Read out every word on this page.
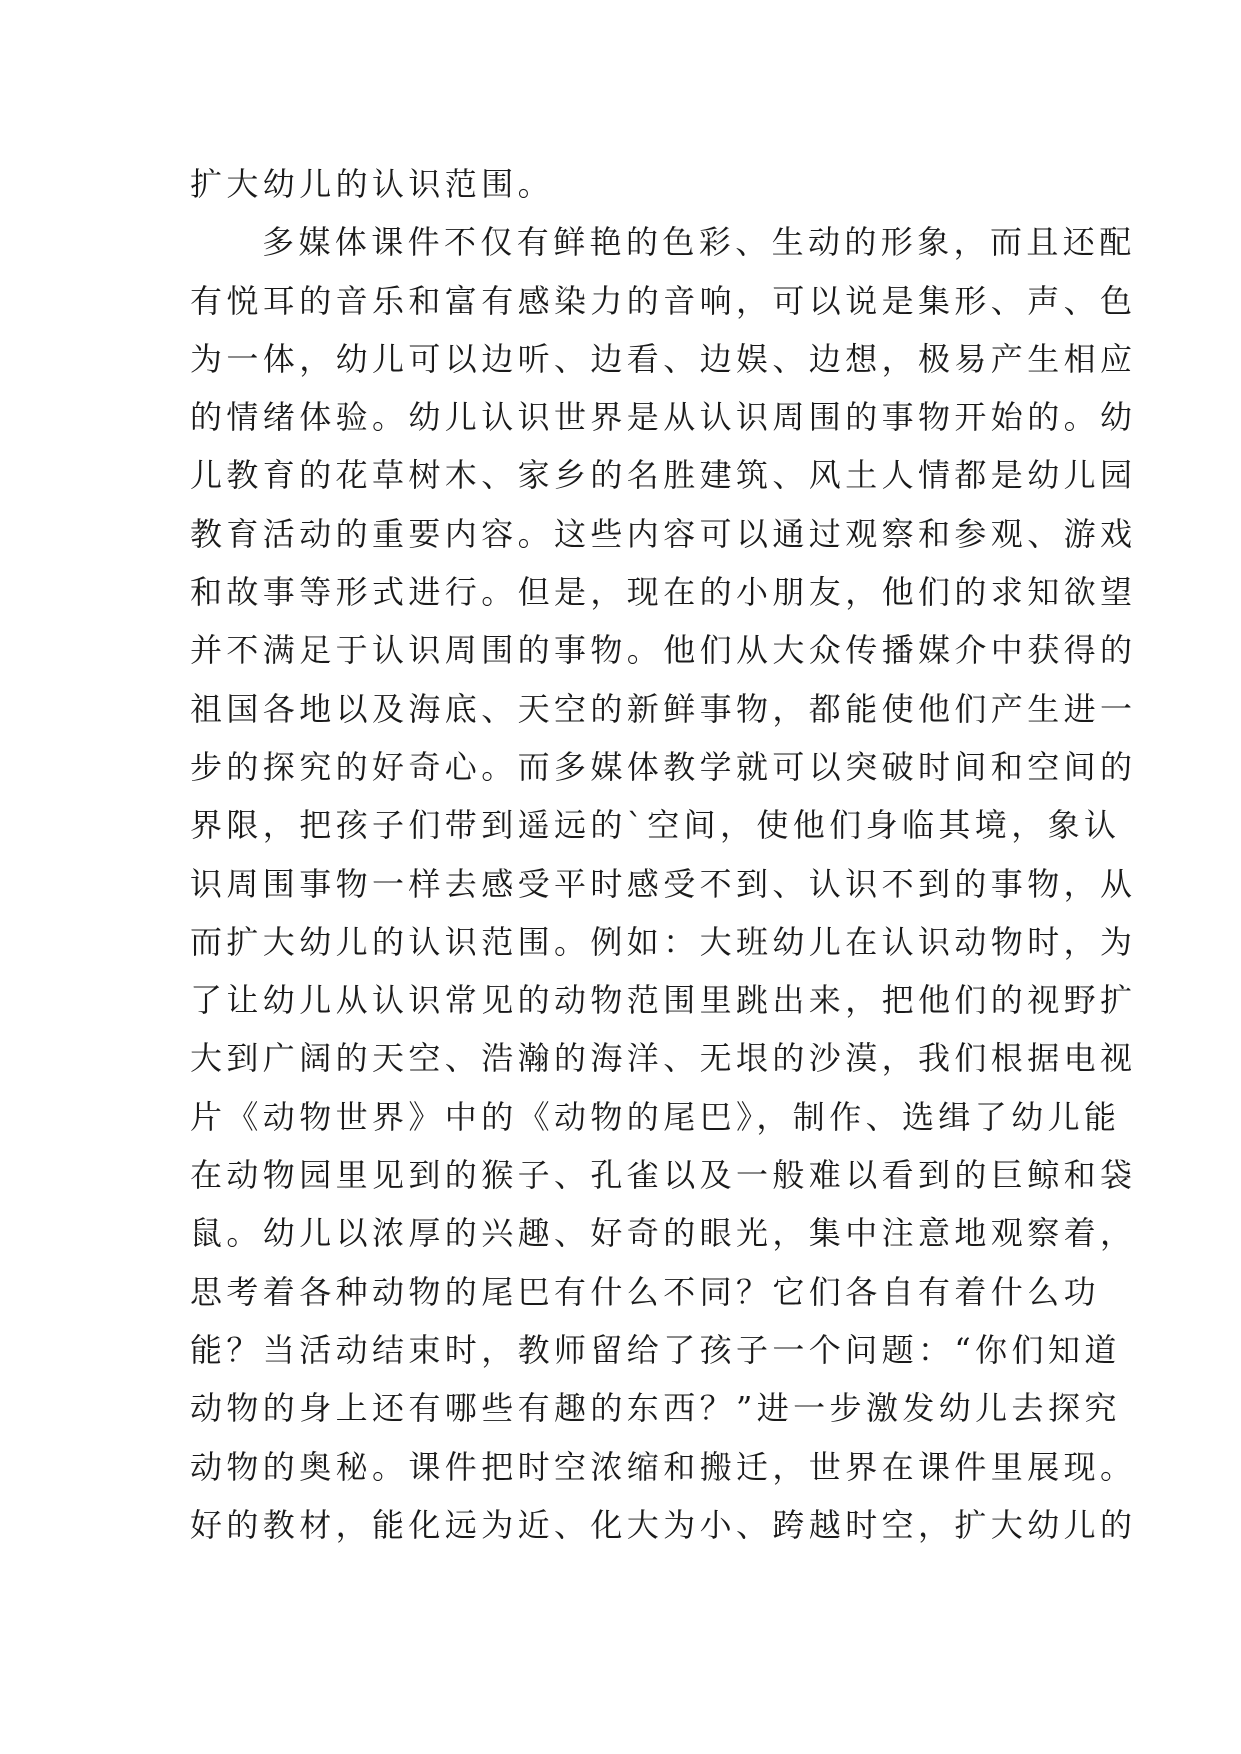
扩大幼儿的认识范围。
多媒体课件不仅有鲜艳的色彩、生动的形象，而且还配
有悦耳的音乐和富有感染力的音响，可以说是集形、声、色
为一体，幼儿可以边听、边看、边娱、边想，极易产生相应
的情绪体验。幼儿认识世界是从认识周围的事物开始的。幼
儿教育的花草树木、家乡的名胜建筑、风土人情都是幼儿园
教育活动的重要内容。这些内容可以通过观察和参观、游戏
和故事等形式进行。但是，现在的小朋友，他们的求知欲望
并不满足于认识周围的事物。他们从大众传播媒介中获得的
祖国各地以及海底、天空的新鲜事物，都能使他们产生进一
步的探究的好奇心。而多媒体教学就可以突破时间和空间的
界限，把孩子们带到遥远的`空间，使他们身临其境，象认
识周围事物一样去感受平时感受不到、认识不到的事物，从
而扩大幼儿的认识范围。例如：大班幼儿在认识动物时，为
了让幼儿从认识常见的动物范围里跳出来，把他们的视野扩
大到广阔的天空、浩瀚的海洋、无垠的沙漠，我们根据电视
片《动物世界》中的《动物的尾巴》，制作、选缉了幼儿能
在动物园里见到的猴子、孔雀以及一般难以看到的巨鲸和袋
鼠。幼儿以浓厚的兴趣、好奇的眼光，集中注意地观察着，
思考着各种动物的尾巴有什么不同？它们各自有着什么功
能？当活动结束时，教师留给了孩子一个问题：“你们知道
动物的身上还有哪些有趣的东西？”进一步激发幼儿去探究
动物的奥秘。课件把时空浓缩和搬迁，世界在课件里展现。
好的教材，能化远为近、化大为小、跨越时空，扩大幼儿的
